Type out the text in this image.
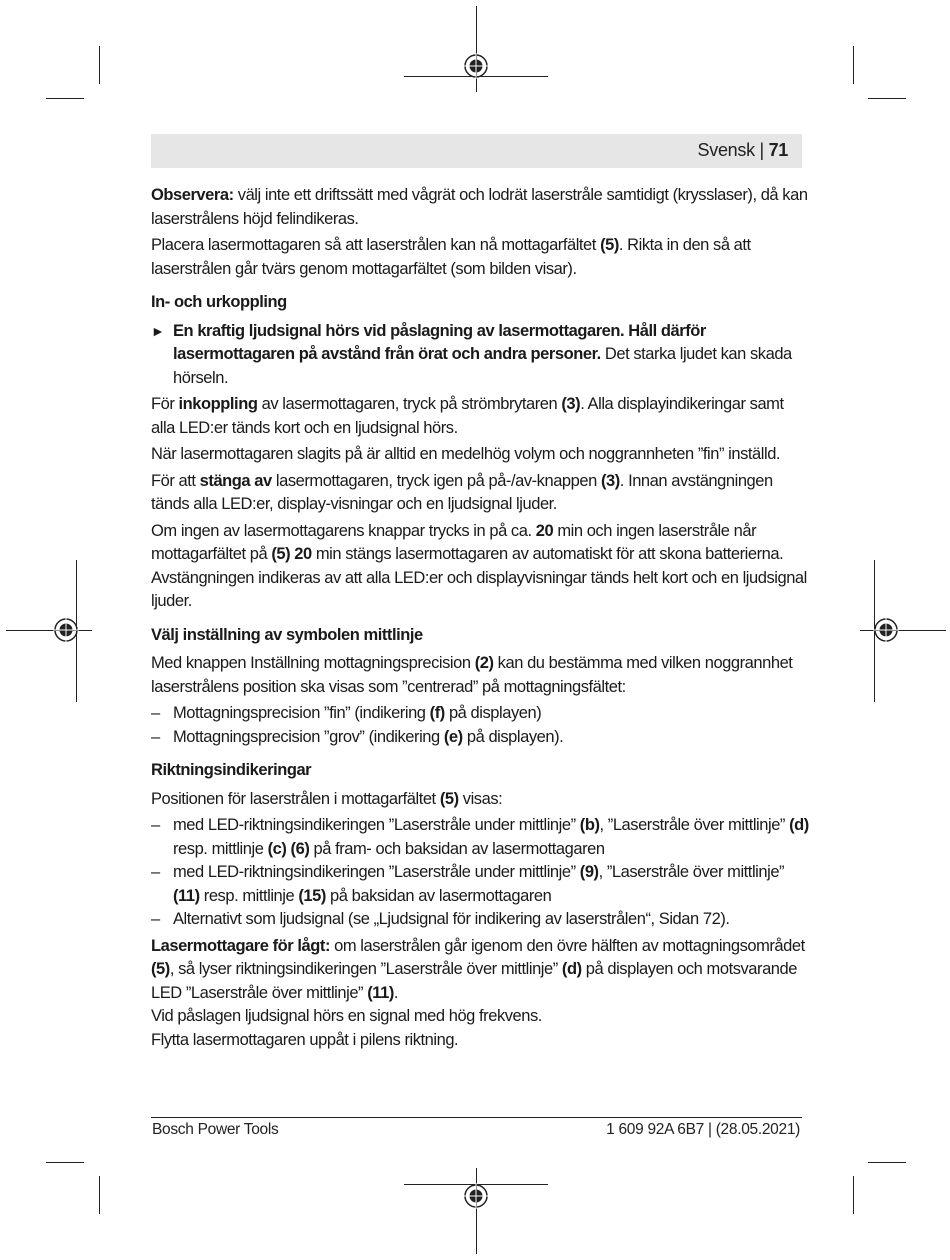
Svensk | 71

Observera: välj inte ett driftssätt med vågrät och lodrät laserstråle samtidigt (krysslaser), då kan laserstrålens höjd felindikeras.

Placera lasermottagaren så att laserstrålen kan nå mottagarfältet (5). Rikta in den så att laserstrålen går tvärs genom mottagarfältet (som bilden visar).

In- och urkoppling
► En kraftig ljudsignal hörs vid påslagning av lasermottagaren. Håll därför lasermottagaren på avstånd från örat och andra personer. Det starka ljudet kan skada hörseln.

För inkoppling av lasermottagaren, tryck på strömbrytaren (3). Alla displayindikeringar samt alla LED:er tänds kort och en ljudsignal hörs.

När lasermottagaren slagits på är alltid en medelhög volym och noggrannheten ”fin” inställd.

För att stänga av lasermottagaren, tryck igen på på-/av-knappen (3). Innan avstängningen tänds alla LED:er, display-visningar och en ljudsignal ljuder.

Om ingen av lasermottagarens knappar trycks in på ca. 20 min och ingen laserstråle når mottagarfältet på (5) 20 min stängs lasermottagaren av automatiskt för att skona batterierna. Avstängningen indikeras av att alla LED:er och displayvisningar tänds helt kort och en ljudsignal ljuder.

Välj inställning av symbolen mittlinje

Med knappen Inställning mottagningsprecision (2) kan du bestämma med vilken noggrannhet laserstrålens position ska visas som ”centrerad” på mottagningsfältet:

– Mottagningsprecision ”fin” (indikering (f) på displayen)
– Mottagningsprecision ”grov” (indikering (e) på displayen).
Riktningsindikeringar

Positionen för laserstrålen i mottagarfältet (5) visas:

– med LED-riktningsindikeringen ”Laserstråle under mittlinje” (b), ”Laserstråle över mittlinje” (d) resp. mittlinje (c) (6) på fram- och baksidan av lasermottagaren
– med LED-riktningsindikeringen ”Laserstråle under mittlinje” (9), ”Laserstråle över mittlinje” (11) resp. mittlinje (15) på baksidan av lasermottagaren
– Alternativt som ljudsignal (se „Ljudsignal för indikering av laserstrålen“, Sidan 72).

Lasermottagare för lågt: om laserstrålen går igenom den övre hälften av mottagningsområdet (5), så lyser riktningsindikeringen ”Laserstråle över mittlinje” (d) på displayen och motsvarande LED ”Laserstråle över mittlinje” (11).

Vid påslagen ljudsignal hörs en signal med hög frekvens.

Flytta lasermottagaren uppåt i pilens riktning.

Bosch Power Tools	1 609 92A 6B7 | (28.05.2021)
